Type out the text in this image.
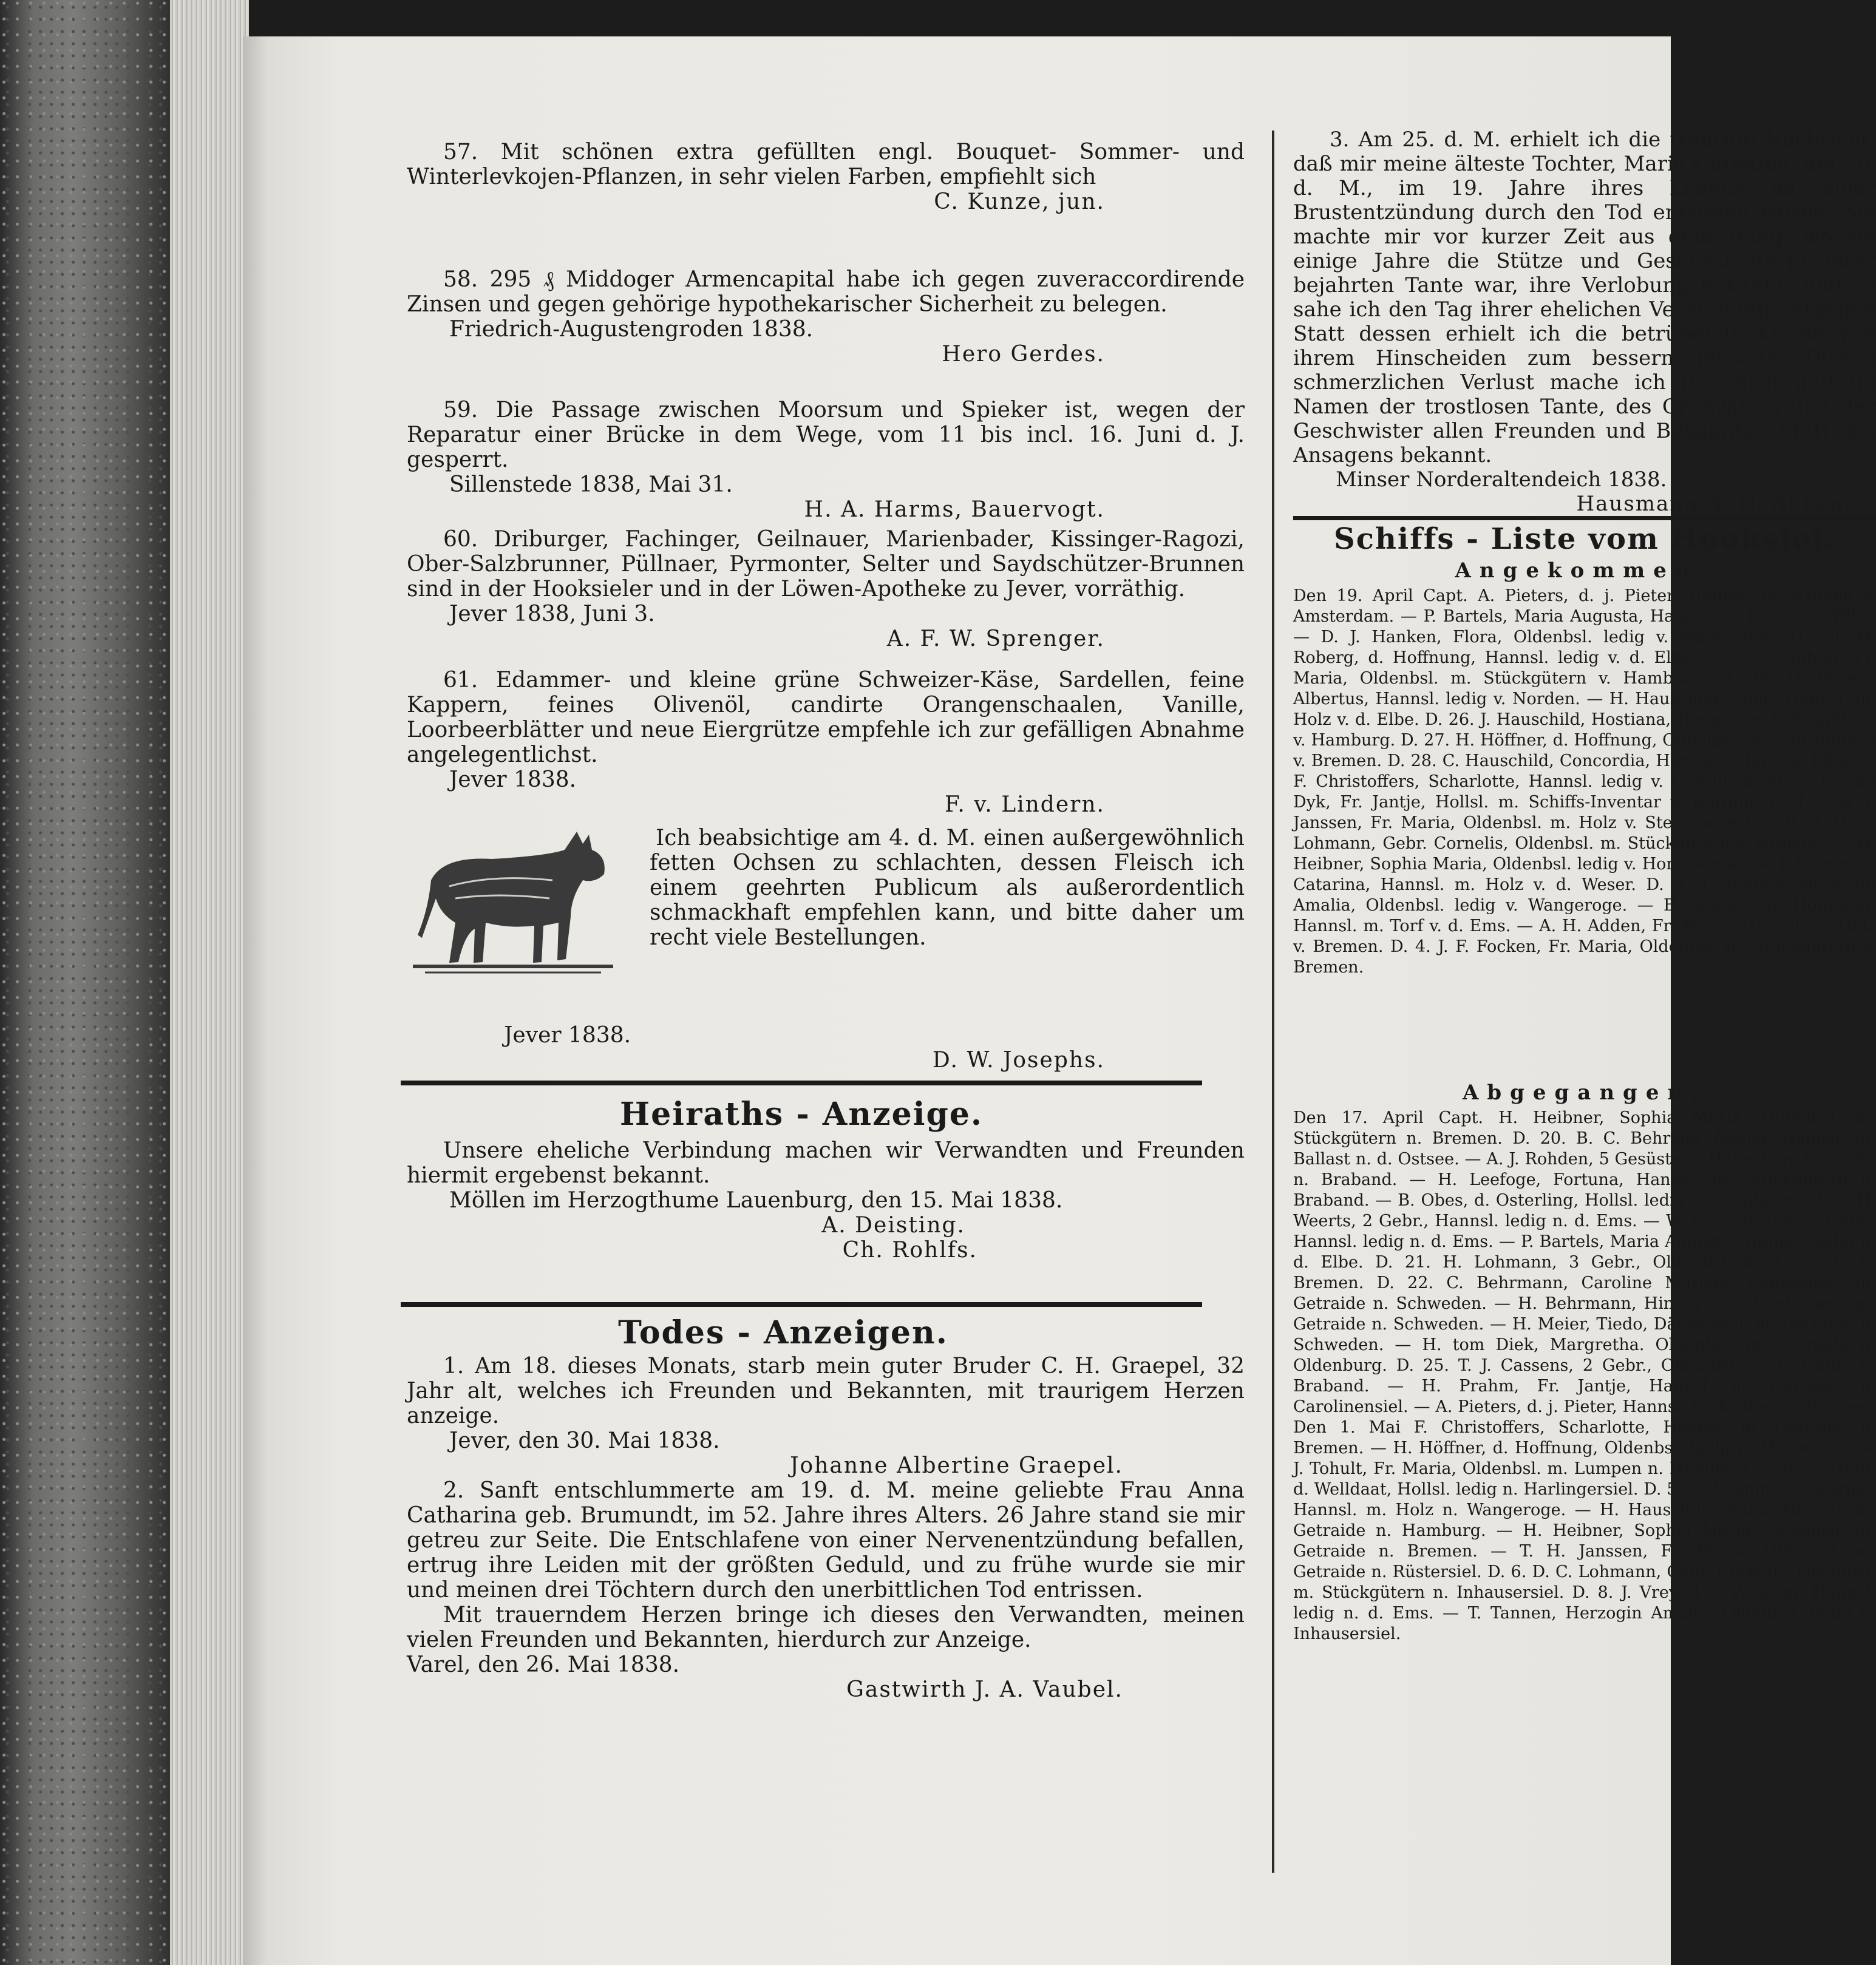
57. Mit schönen extra gefüllten engl. Bouquet- Sommer- und Winterlevkojen-Pflanzen, in sehr vielen Farben, empfiehlt sich

C. Kunze, jun.

58. 295 ₰ Middoger Armencapital habe ich gegen zuveraccordirende Zinsen und gegen gehörige hypothekarischer Sicherheit zu belegen.

Friedrich-Augustengroden 1838.

Hero Gerdes.

59. Die Passage zwischen Moorsum und Spieker ist, wegen der Reparatur einer Brücke in dem Wege, vom 11 bis incl. 16. Juni d. J. gesperrt.

Sillenstede 1838, Mai 31.

H. A. Harms, Bauervogt.

60. Driburger, Fachinger, Geilnauer, Marienbader, Kissinger-Ragozi, Ober-Salzbrunner, Püllnaer, Pyrmonter, Selter und Saydschützer-Brunnen sind in der Hooksieler und in der Löwen-Apotheke zu Jever, vorräthig.

Jever 1838, Juni 3.

A. F. W. Sprenger.

61. Edammer- und kleine grüne Schweizer-Käse, Sardellen, feine Kappern, feines Olivenöl, candirte Orangenschaalen, Vanille, Loorbeerblätter und neue Eiergrütze empfehle ich zur gefälligen Abnahme angelegentlichst.

Jever 1838.

F. v. Lindern.

Ich beabsichtige am 4. d. M. einen außergewöhnlich fetten Ochsen zu schlachten, dessen Fleisch ich einem geehrten Publicum als außerordentlich schmackhaft empfehlen kann, und bitte daher um recht viele Bestellungen.

Jever 1838.

D. W. Josephs.

Heiraths - Anzeige.

Unsere eheliche Verbindung machen wir Verwandten und Freunden hiermit ergebenst bekannt.

Möllen im Herzogthume Lauenburg, den 15. Mai 1838.

A. Deisting.

Ch. Rohlfs.

Todes - Anzeigen.

1. Am 18. dieses Monats, starb mein guter Bruder C. H. Graepel, 32 Jahr alt, welches ich Freunden und Bekannten, mit traurigem Herzen anzeige.

Jever, den 30. Mai 1838.

Johanne Albertine Graepel.

2. Sanft entschlummerte am 19. d. M. meine geliebte Frau Anna Catharina geb. Brumundt, im 52. Jahre ihres Alters. 26 Jahre stand sie mir getreu zur Seite. Die Entschlafene von einer Nervenentzündung befallen, ertrug ihre Leiden mit der größten Geduld, und zu frühe wurde sie mir und meinen drei Töchtern durch den unerbittlichen Tod entrissen.

Mit trauerndem Herzen bringe ich dieses den Verwandten, meinen vielen Freunden und Bekannten, hierdurch zur Anzeige.

Varel, den 26. Mai 1838.

Gastwirth J. A. Vaubel.

3. Am 25. d. M. erhielt ich die traurige Nachricht, daß mir meine älteste Tochter, Maria Christina, am 20. d. M., im 19. Jahre ihres Lebens an einer Brustentzündung durch den Tod entrissen wurde. Sie machte mir vor kurzer Zeit aus dem Haag, wo sie einige Jahre die Stütze und Gesellschafterin ihrer bejahrten Tante war, ihre Verlobung bekannt, und so sahe ich den Tag ihrer ehelichen Verbindung entgegen Statt dessen erhielt ich die betrübende Kunde von ihrem Hinscheiden zum bessern Jenseits. Diesen schmerzlichen Verlust mache ich für mich und im Namen der trostlosen Tante, des Großvaters und der Geschwister allen Freunden und Bekannten Statt des Ansagens bekannt.

Minser Norderaltendeich 1838.

Hausmann A. N. Abken.

Schiffs - Liste vom Hooksiel.
Angekommen.
Den 19. April Capt. A. Pieters, d. j. Pieter, Hannsl. m. Kruken v. Amsterdam. — P. Bartels, Maria Augusta, Hannsl. m. Holz v. d. Elbe. — D. J. Hanken, Flora, Oldenbsl. ledig v. Wangeroge. D. 20. H. Roberg, d. Hoffnung, Hannsl. ledig v. d. Elbe. D. 22. J. Tohult, Fr. Maria, Oldenbsl. m. Stückgütern v. Hamburg. D. 24. D. Pauels, Albertus, Hannsl. ledig v. Norden. — H. Hauschild, Anna, Hannsl. m. Holz v. d. Elbe. D. 26. J. Hauschild, Hostiana, Hannsl. m. Stückgütern v. Hamburg. D. 27. H. Höffner, d. Hoffnung, Oldenbsl. m. Stückgütern v. Bremen. D. 28. C. Hauschild, Concordia, Hannsl. ledig v. d. Elbe. — F. Christoffers, Scharlotte, Hannsl. ledig v. Carolinensiel. — C. van Dyk, Fr. Jantje, Hollsl. m. Schiffs-Inventar v. Rottum. D. 1. Mai T. Janssen, Fr. Maria, Oldenbsl. m. Holz v. Steinhauserfiel. D. 2. D. C. Lohmann, Gebr. Cornelis, Oldenbsl. m. Stückgütern v. Bremen. — H. Heibner, Sophia Maria, Oldenbsl. ledig v. Horumersiel. — J. Mammes, Catarina, Hannsl. m. Holz v. d. Weser. D. 3. T. Tannen, Herzogin Amalia, Oldenbsl. ledig v. Wangeroge. — B. Schoon, d. Hoffnung, Hannsl. m. Torf v. d. Ems. — A. H. Adden, Fr. Maria, Hannsl. m. Holz v. Bremen. D. 4. J. F. Focken, Fr. Maria, Oldenbsl. m. Stückgütern v. Bremen.
Abgegangen.
Den 17. April Capt. H. Heibner, Sophia Maria, Oldenbsl. m. Stückgütern n. Bremen. D. 20. B. C. Behrens, Miena, Hannsl. m. Ballast n. d. Ostsee. — A. J. Rohden, 5 Gesüsters, Hannsl. m. Getraide n. Braband. — H. Leefoge, Fortuna, Hannsl. m. Stückgütern n. Braband. — B. Obes, d. Osterling, Hollsl. ledig n. Carolinensiel. — H. Weerts, 2 Gebr., Hannsl. ledig n. d. Ems. — W. Crützmacher, 2 Gebr., Hannsl. ledig n. d. Ems. — P. Bartels, Maria Augusta, Hannsl. ledig n. d. Elbe. D. 21. H. Lohmann, 3 Gebr., Oldenbsl. m. Getraide n. Bremen. D. 22. C. Behrmann, Caroline Matilde, Dänischesl. m. Getraide n. Schweden. — H. Behrmann, Hinneriette, Dänischesl. m. Getraide n. Schweden. — H. Meier, Tiedo, Dänischesl. m. Getraide n. Schweden. — H. tom Diek, Margretha. Oldenbsl. m. Getraide n. Oldenburg. D. 25. T. J. Cassens, 2 Gebr., Oldenbsl. m. Getraide n. Braband. — H. Prahm, Fr. Jantje, Hannsl. m. Getraide n. Carolinensiel. — A. Pieters, d. j. Pieter, Hannsl. m. Kruken n. Bremen. Den 1. Mai F. Christoffers, Scharlotte, Hannsl. m. Getraide n. Bremen. — H. Höffner, d. Hoffnung, Oldenbsl. ledig n. Mariensiel. — J. Tohult, Fr. Maria, Oldenbsl. m. Lumpen n. Hamburg. — B. Ponstyn, d. Welldaat, Hollsl. ledig n. Harlingersiel. D. 5. H. Mammes, Catarine, Hannsl. m. Holz n. Wangeroge. — H. Hauschild, Anna, Hannsl. m. Getraide n. Hamburg. — H. Heibner, Sophia Maria, Oldenbsl. m. Getraide n. Bremen. — T. H. Janssen, Fr. Maria, Oldenbsl. m. Getraide n. Rüstersiel. D. 6. D. C. Lohmann, Gebr. Cornelis, Oldenbsl. m. Stückgütern n. Inhausersiel. D. 8. J. Vrey, d. j. Wilhelm, Hannsl. ledig n. d. Ems. — T. Tannen, Herzogin Amalia, Oldenbsl. ledig n. Inhausersiel.
